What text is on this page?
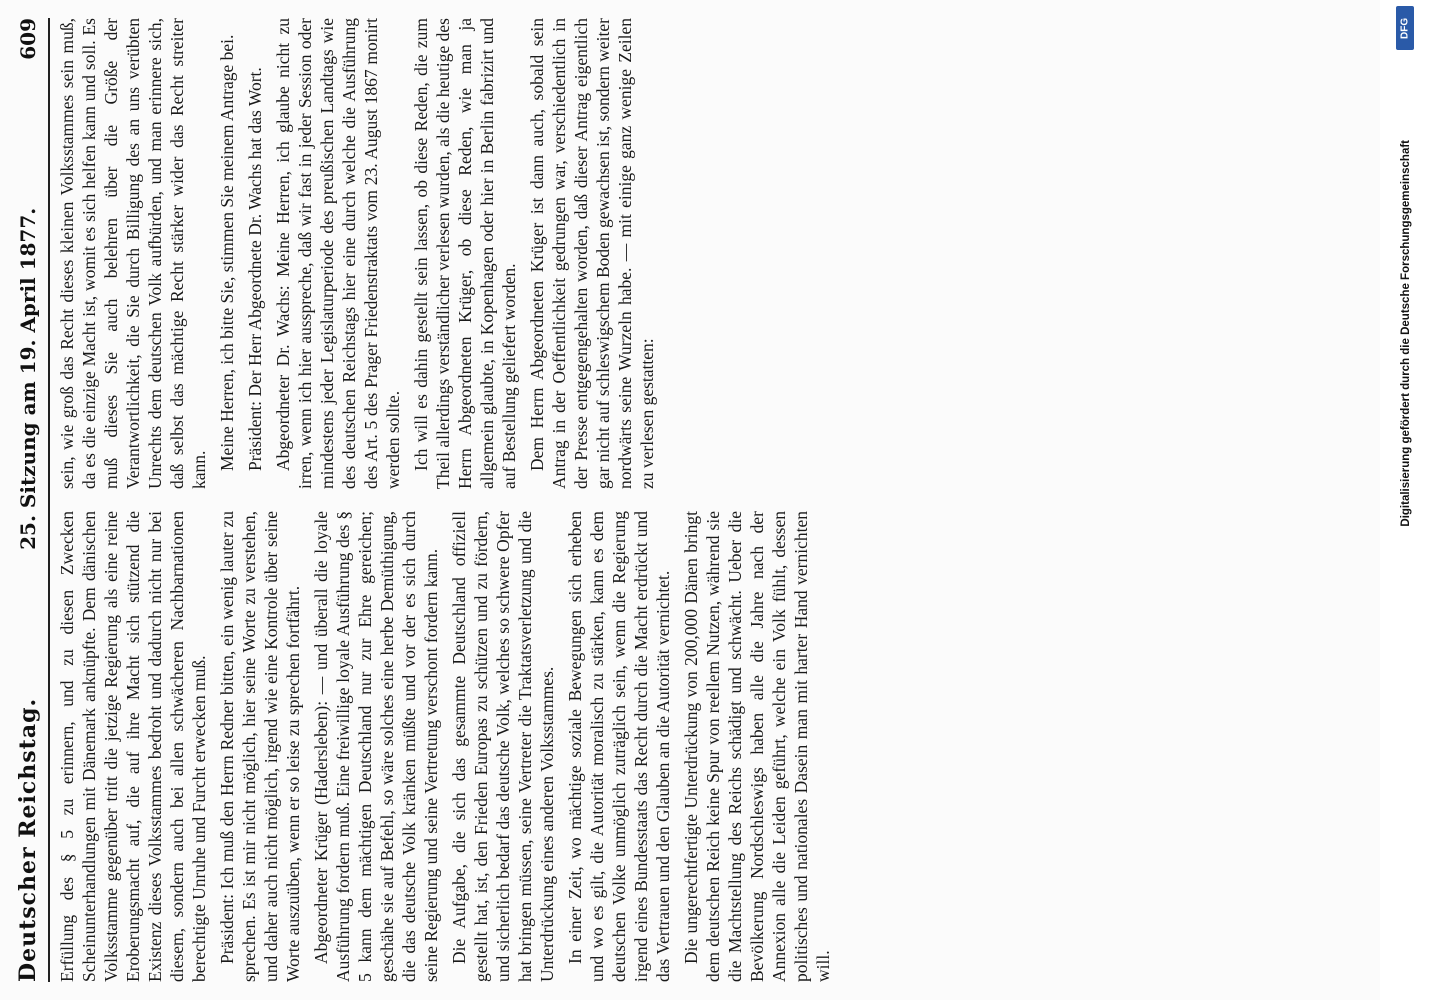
Deutscher Reichstag.
25. Sitzung am 19. April 1877.
609

Erfüllung des § 5 zu erinnern, und zu diesen Zwecken Scheinunterhandlungen mit Dänemark anknüpfte. Dem dänischen Volksstamme gegenüber tritt die jetzige Regierung als eine reine Eroberungsmacht auf, die auf ihre Macht sich stützend die Existenz dieses Volksstammes bedroht und dadurch nicht nur bei diesem, sondern auch bei allen schwächeren Nachbarnationen berechtigte Unruhe und Furcht erwecken muß. Präsident: Ich muß den Herrn Redner bitten, ein wenig lauter zu sprechen. Es ist mir nicht möglich, hier seine Worte zu verstehen, und daher auch nicht möglich, irgend wie eine Kontrole über seine Worte auszuüben, wenn er so leise zu sprechen fortfährt. Abgeordneter Krüger (Hadersleben): — und überall die loyale Ausführung fordern muß. Eine freiwillige loyale Ausführung des § 5 kann dem mächtigen Deutschland nur zur Ehre gereichen; geschähe sie auf Befehl, so wäre solches eine herbe Demüthigung, die das deutsche Volk kränken müßte und vor der es sich durch seine Regierung und seine Vertretung verschont fordern kann. Die Aufgabe, die sich das gesammte Deutschland offiziell gestellt hat, ist, den Frieden Europas zu schützen und zu fördern, und sicherlich bedarf das deutsche Volk, welches so schwere Opfer hat bringen müssen, seine Vertreter die Traktatsverletzung und die Unterdrückung eines anderen Volksstammes. In einer Zeit, wo mächtige soziale Bewegungen sich erheben und wo es gilt, die Autorität moralisch zu stärken, kann es dem deutschen Volke unmöglich zuträglich sein, wenn die Regierung irgend eines Bundesstaats das Recht durch die Macht erdrückt und das Vertrauen und den Glauben an die Autorität vernichtet. Die ungerechtfertigte Unterdrückung von 200,000 Dänen bringt dem deutschen Reich keine Spur von reellem Nutzen, während sie die Machtstellung des Reichs schädigt und schwächt. Ueber die Bevölkerung Nordschleswigs haben alle die Jahre nach der Annexion alle die Leiden geführt, welche ein Volk fühlt, dessen politisches und nationales Dasein man mit harter Hand vernichten will.

sein, wie groß das Recht dieses kleinen Volksstammes sein muß, da es die einzige Macht ist, womit es sich helfen kann und soll. Es muß dieses Sie auch belehren über die Größe der Verantwortlichkeit, die Sie durch Billigung des an uns verübten Unrechts dem deutschen Volk aufbürden, und man erinnere sich, daß selbst das mächtige Recht stärker wider das Recht streiter kann. Meine Herren, ich bitte Sie, stimmen Sie meinem Antrage bei. Präsident: Der Herr Abgeordnete Dr. Wachs hat das Wort. Abgeordneter Dr. Wachs: Meine Herren, ich glaube nicht zu irren, wenn ich hier ausspreche, daß wir fast in jeder Session oder mindestens jeder Legislaturperiode des preußischen Landtags wie des deutschen Reichstags hier eine durch welche die Ausführung des Art. 5 des Prager Friedenstraktats vom 23. August 1867 monirt werden sollte. Ich will es dahin gestellt sein lassen, ob diese Reden, die zum Theil allerdings verständlicher verlesen wurden, als die heutige des Herrn Abgeordneten Krüger, ob diese Reden, wie man ja allgemein glaubte, in Kopenhagen oder hier in Berlin fabrizirt und auf Bestellung geliefert worden. Dem Herrn Abgeordneten Krüger ist dann auch, sobald sein Antrag in der Oeffentlichkeit gedrungen war, verschiedentlich in der Presse entgegengehalten worden, daß dieser Antrag eigentlich gar nicht auf schleswigschem Boden gewachsen ist, sondern weiter nordwärts seine Wurzeln habe. — mit einige ganz wenige Zeilen zu verlesen gestatten:

DFG
Digitalisierung gefördert durch die Deutsche Forschungsgemeinschaft
